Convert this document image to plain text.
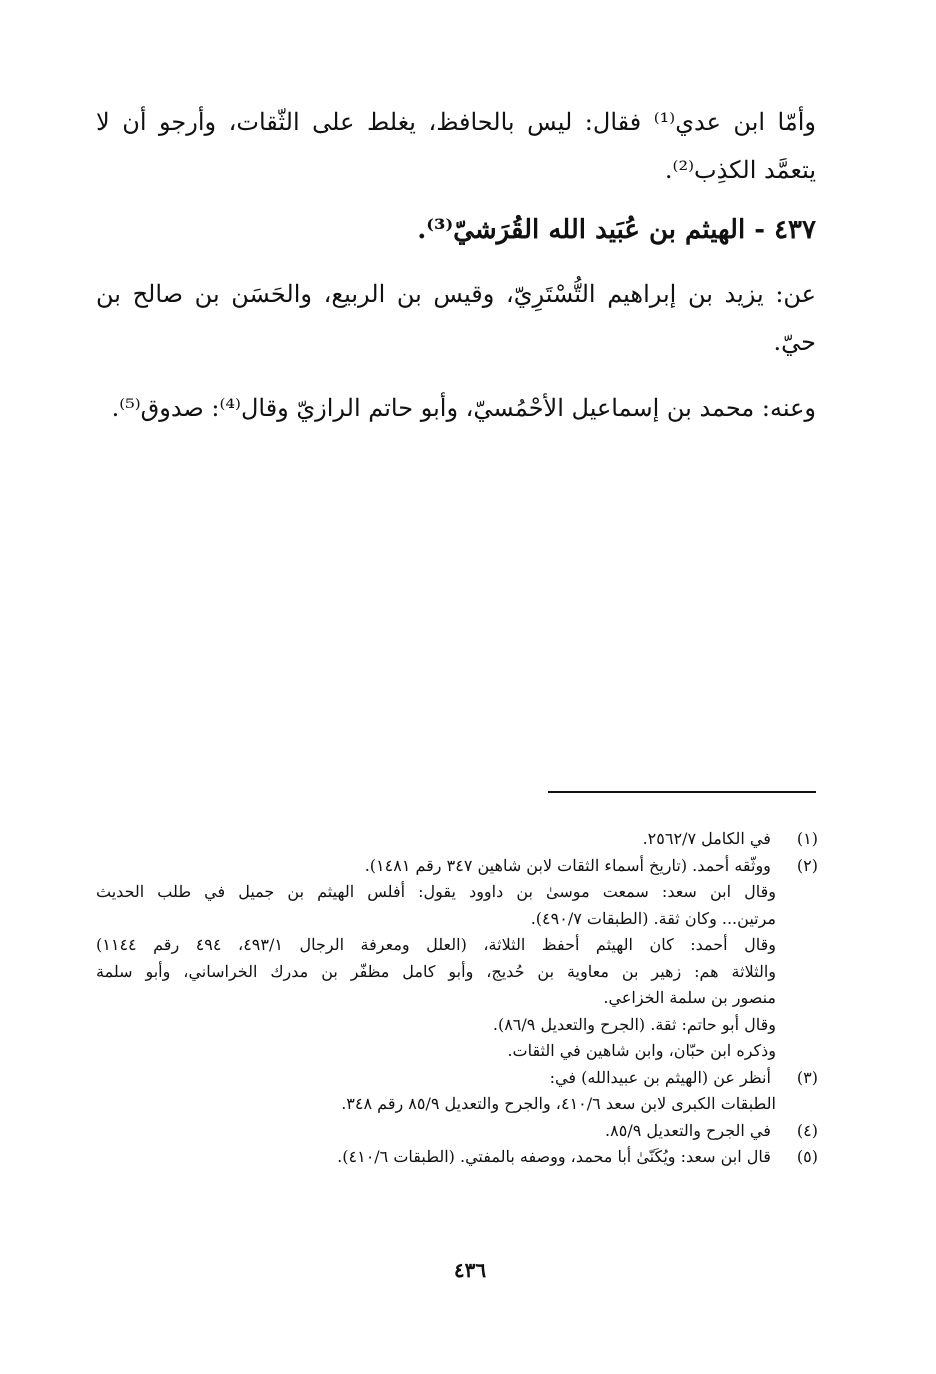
وأمّا ابن عدي⁽¹⁾ فقال: ليس بالحافظ، يغلط على الثّقات، وأرجو أن لا يتعمَّد الكذِب⁽²⁾.

٤٣٧ - الهيثم بن عُبَيد الله القُرَشيّ⁽³⁾.

عن: يزيد بن إبراهيم التُّسْتَرِيّ، وقيس بن الربيع، والحَسَن بن صالح بن حيّ.

وعنه: محمد بن إسماعيل الأحْمُسيّ، وأبو حاتم الرازيّ وقال⁽⁴⁾: صدوق⁽⁵⁾.

(١) في الكامل ٢٥٦٢/٧.
(٢) ووثّقه أحمد. (تاريخ أسماء الثقات لابن شاهين ٣٤٧ رقم ١٤٨١).
وقال ابن سعد: سمعت موسىٰ بن داوود يقول: أفلس الهيثم بن جميل في طلب الحديث
مرتين... وكان ثقة. (الطبقات ٤٩٠/٧).
وقال أحمد: كان الهيثم أحفظ الثلاثة، (العلل ومعرفة الرجال ٤٩٣/١، ٤٩٤ رقم ١١٤٤)
والثلاثة هم: زهير بن معاوية بن حُديج، وأبو كامل مظفّر بن مدرك الخراساني، وأبو سلمة
منصور بن سلمة الخزاعي.
وقال أبو حاتم: ثقة. (الجرح والتعديل ٨٦/٩).
وذكره ابن حبّان، وابن شاهين في الثقات.
(٣) أنظر عن (الهيثم بن عبيدالله) في:
الطبقات الكبرى لابن سعد ٤١٠/٦، والجرح والتعديل ٨٥/٩ رقم ٣٤٨.
(٤) في الجرح والتعديل ٨٥/٩.
(٥) قال ابن سعد: ويُكَنّىٰ أبا محمد، ووصفه بالمفتي. (الطبقات ٤١٠/٦).
٤٣٦
